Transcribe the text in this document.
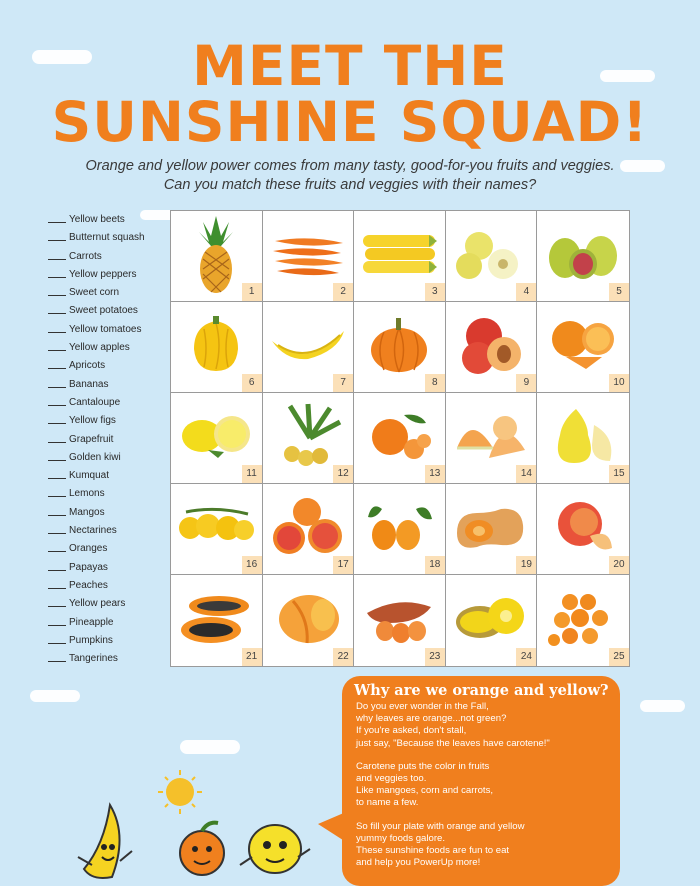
MEET THE
SUNSHINE SQUAD!
Orange and yellow power comes from many tasty, good-for-you fruits and veggies.
Can you match these fruits and veggies with their names?
Yellow beets
Butternut squash
Carrots
Yellow peppers
Sweet corn
Sweet potatoes
Yellow tomatoes
Yellow apples
Apricots
Bananas
Cantaloupe
Yellow figs
Grapefruit
Golden kiwi
Kumquat
Lemons
Mangos
Nectarines
Oranges
Papayas
Peaches
Yellow pears
Pineapple
Pumpkins
Tangerines
1	2	3	4	5
6	7	8	9	10
11	12	13	14	15
16	17	18	19	20
21	22	23	24	25
Why are we orange and yellow?

Do you ever wonder in the Fall,
why leaves are orange...not green?
If you're asked, don't stall,
just say, "Because the leaves have carotene!"

Carotene puts the color in fruits
and veggies too.
Like mangoes, corn and carrots,
to name a few.

So fill your plate with orange and yellow
yummy foods galore.
These sunshine foods are fun to eat
and help you PowerUp more!
